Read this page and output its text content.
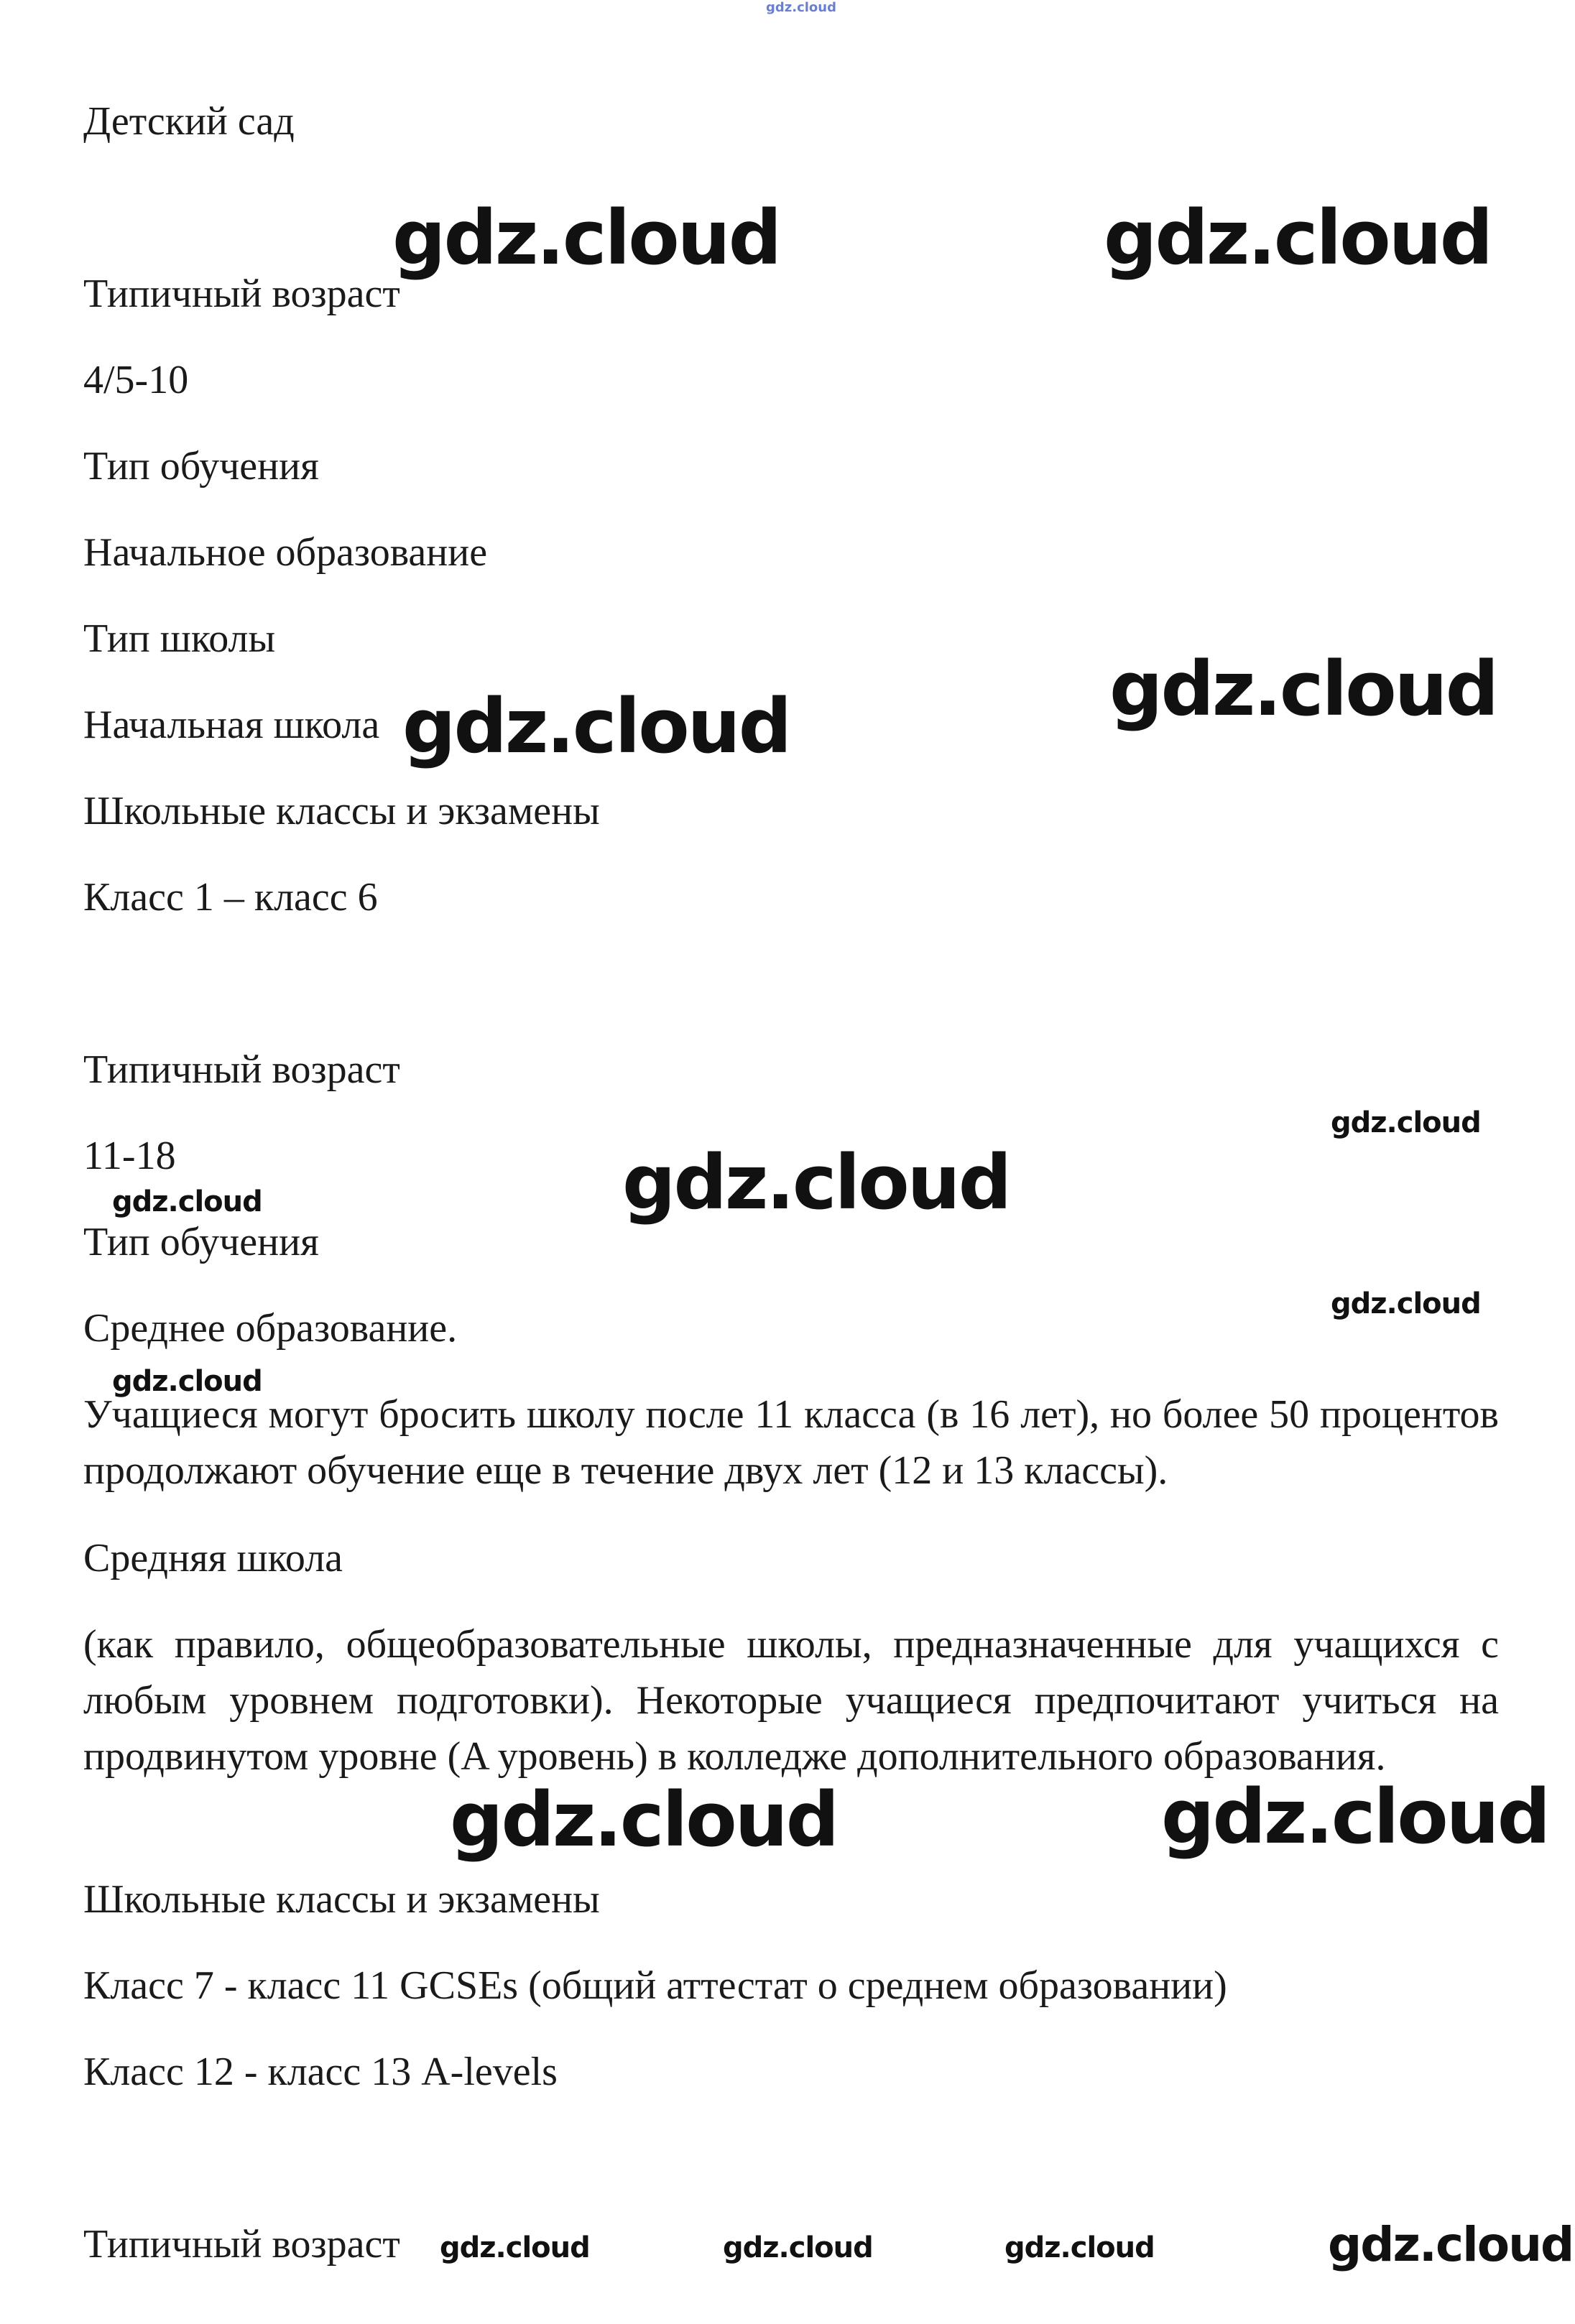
gdz.cloud
gdz.cloud	gdz.cloud
gdz.cloud
gdz.cloud
gdz.cloud
gdz.cloud
gdz.cloud
gdz.cloud
gdz.cloud
gdz.cloud
gdz.cloud
gdz.cloud	gdz.cloud	gdz.cloud	gdz.cloud

Детский сад

Типичный возраст

4/5-10

Тип обучения

Начальное образование

Тип школы

Начальная школа

Школьные классы и экзамены

Класс 1 – класс 6

Типичный возраст

11-18

Тип обучения

Среднее образование.

Учащиеся могут бросить школу после 11 класса (в 16 лет), но более 50 процентов продолжают обучение еще в течение двух лет (12 и 13 классы).

Средняя школа

(как правило, общеобразовательные школы, предназначенные для учащихся с любым уровнем подготовки). Некоторые учащиеся предпочитают учиться на продвинутом уровне (A уровень) в колледже дополнительного образования.

Школьные классы и экзамены

Класс 7 - класс 11 GCSEs (общий аттестат о среднем образовании)

Класс 12 - класс 13 A-levels

Типичный возраст
